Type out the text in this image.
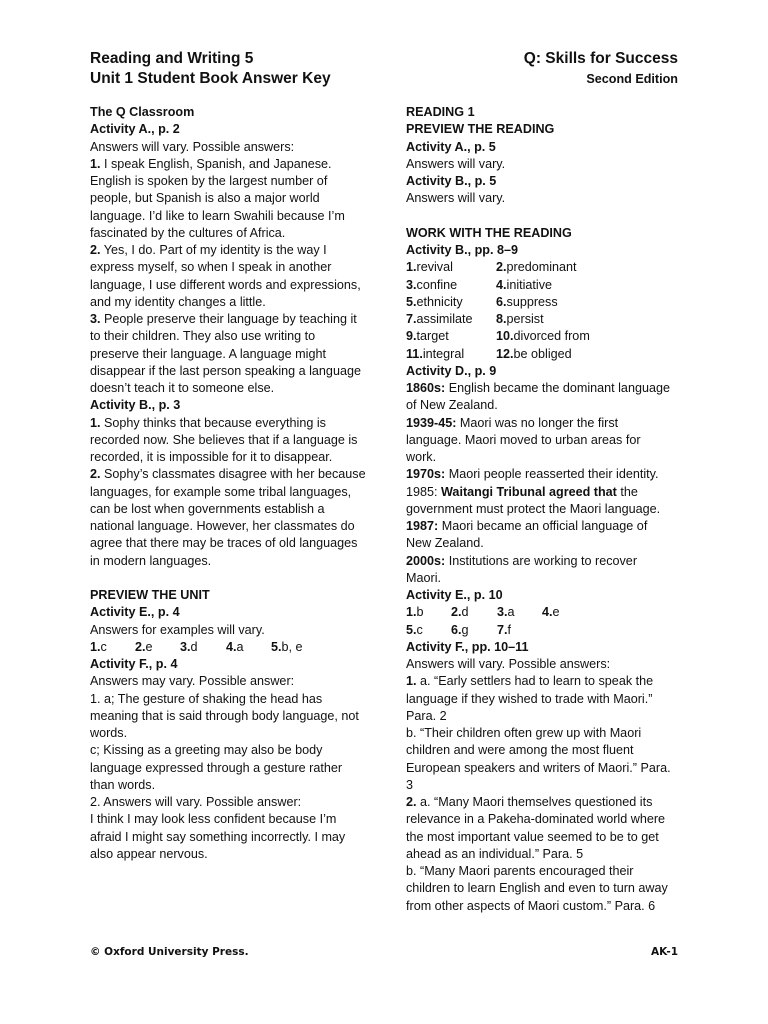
Reading and Writing 5
Unit 1 Student Book Answer Key
Q: Skills for Success
Second Edition

The Q Classroom

Activity A., p. 2

Answers will vary. Possible answers:

1. I speak English, Spanish, and Japanese.

English is spoken by the largest number of

people, but Spanish is also a major world

language. I’d like to learn Swahili because I’m

fascinated by the cultures of Africa.

2. Yes, I do. Part of my identity is the way I

express myself, so when I speak in another

language, I use different words and expressions,

and my identity changes a little.

3. People preserve their language by teaching it

to their children. They also use writing to

preserve their language. A language might

disappear if the last person speaking a language

doesn’t teach it to someone else.

Activity B., p. 3

1. Sophy thinks that because everything is

recorded now. She believes that if a language is

recorded, it is impossible for it to disappear.

2. Sophy’s classmates disagree with her because

languages, for example some tribal languages,

can be lost when governments establish a

national language. However, her classmates do

agree that there may be traces of old languages

in modern languages.

PREVIEW THE UNIT

Activity E., p. 4

Answers for examples will vary.

1.c	2.e	3.d	4.a	5.b, e

Activity F., p. 4

Answers may vary. Possible answer:

1. a; The gesture of shaking the head has

meaning that is said through body language, not

words.

c; Kissing as a greeting may also be body

language expressed through a gesture rather

than words.

2. Answers will vary. Possible answer:

I think I may look less confident because I’m

afraid I might say something incorrectly. I may

also appear nervous.

READING 1

PREVIEW THE READING

Activity A., p. 5

Answers will vary.

Activity B., p. 5

Answers will vary.

WORK WITH THE READING

Activity B., pp. 8–9

1.revival	2.predominant
3.confine	4.initiative
5.ethnicity	6.suppress
7.assimilate	8.persist
9.target	10.divorced from
11.integral	12.be obliged

Activity D., p. 9

1860s: English became the dominant language

of New Zealand.

1939-45: Maori was no longer the first

language. Maori moved to urban areas for

work.

1970s: Maori people reasserted their identity.

1985: Waitangi Tribunal agreed that the

government must protect the Maori language.

1987: Maori became an official language of

New Zealand.

2000s: Institutions are working to recover

Maori.

Activity E., p. 10

1.b	2.d	3.a	4.e
5.c	6.g	7.f

Activity F., pp. 10–11

Answers will vary. Possible answers:

1. a. “Early settlers had to learn to speak the

language if they wished to trade with Maori.”

Para. 2

b. “Their children often grew up with Maori

children and were among the most fluent

European speakers and writers of Maori.” Para.

3

2. a. “Many Maori themselves questioned its

relevance in a Pakeha-dominated world where

the most important value seemed to be to get

ahead as an individual.” Para. 5

b. “Many Maori parents encouraged their

children to learn English and even to turn away

from other aspects of Maori custom.” Para. 6

© Oxford University Press.	AK-1
